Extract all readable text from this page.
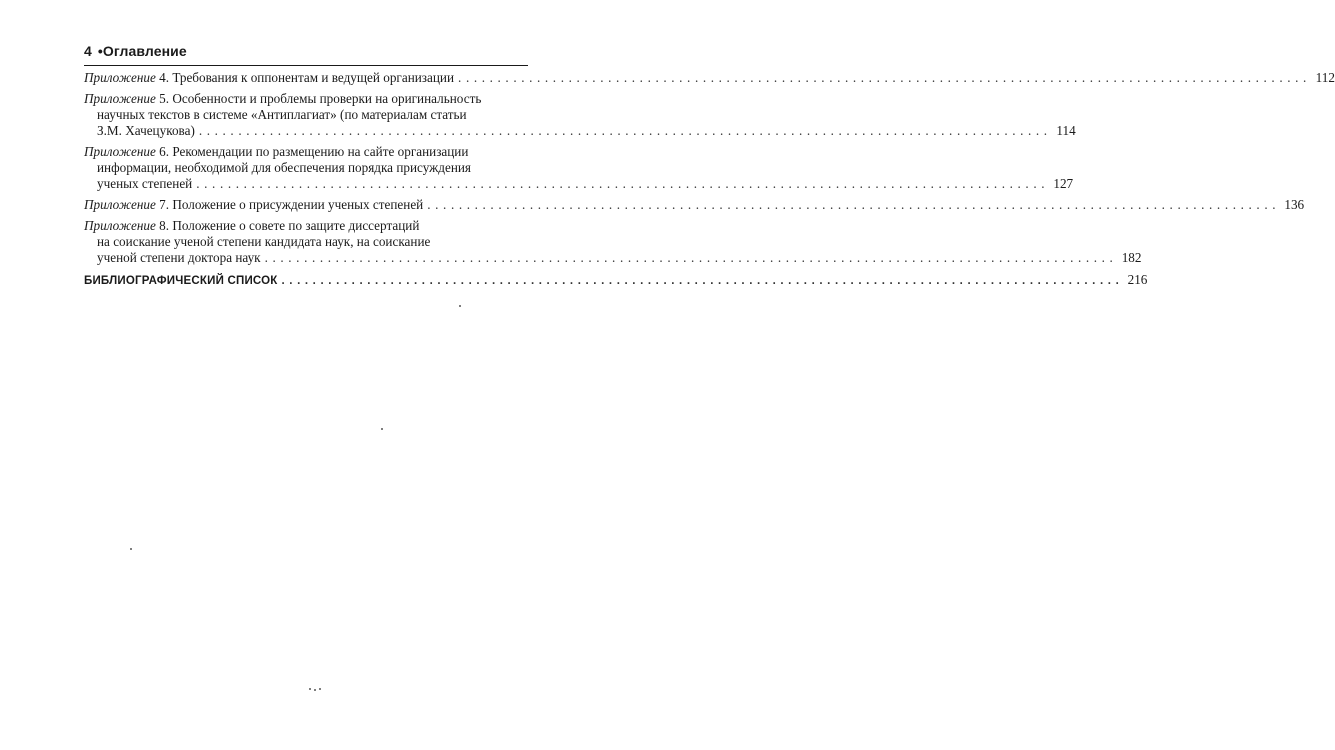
4 •Оглавление
Приложение 4. Требования к оппонентам и ведущей организации ............................................................................................................ 112
Приложение 5. Особенности и проблемы проверки на оригинальность
научных текстов в системе «Антиплагиат» (по материалам статьи
З.М. Хачецукова) ............................................................................................................ 114
Приложение 6. Рекомендации по размещению на сайте организации
информации, необходимой для обеспечения порядка присуждения
ученых степеней ............................................................................................................ 127
Приложение 7. Положение о присуждении ученых степеней ............................................................................................................ 136
Приложение 8. Положение о совете по защите диссертаций
на соискание ученой степени кандидата наук, на соискание
ученой степени доктора наук ............................................................................................................ 182
БИБЛИОГРАФИЧЕСКИЙ СПИСОК ............................................................................................................ 216
